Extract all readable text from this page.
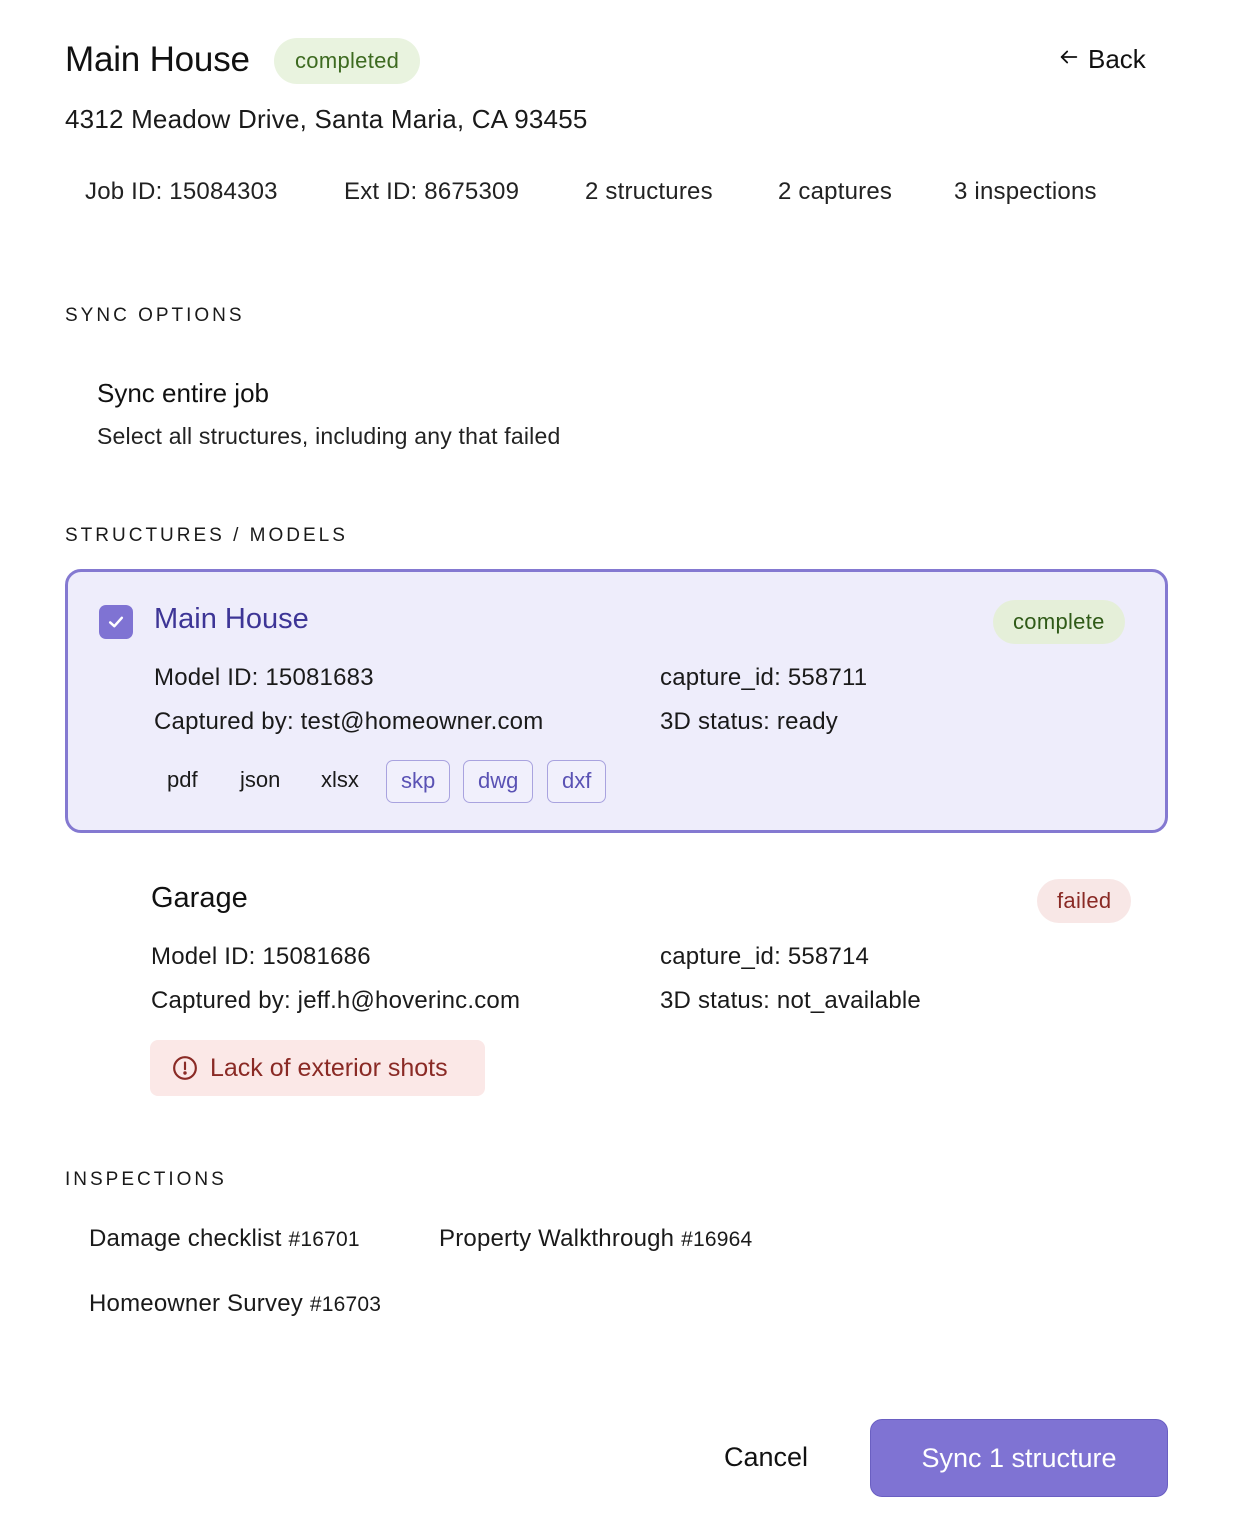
Main House	completed	Back
4312 Meadow Drive, Santa Maria, CA 93455
Job ID: 15084303	Ext ID: 8675309	2 structures	2 captures	3 inspections
SYNC OPTIONS
Sync entire job
Select all structures, including any that failed
STRUCTURES / MODELS
Main House	complete
Model ID: 15081683	capture_id: 558711
Captured by: test@homeowner.com	3D status: ready
pdf json xlsx	skp	dwg	dxf
Garage	failed
Model ID: 15081686	capture_id: 558714
Captured by: jeff.h@hoverinc.com	3D status: not_available
Lack of exterior shots
INSPECTIONS
Damage checklist #16701	Property Walkthrough #16964
Homeowner Survey #16703
Cancel	Sync 1 structure
